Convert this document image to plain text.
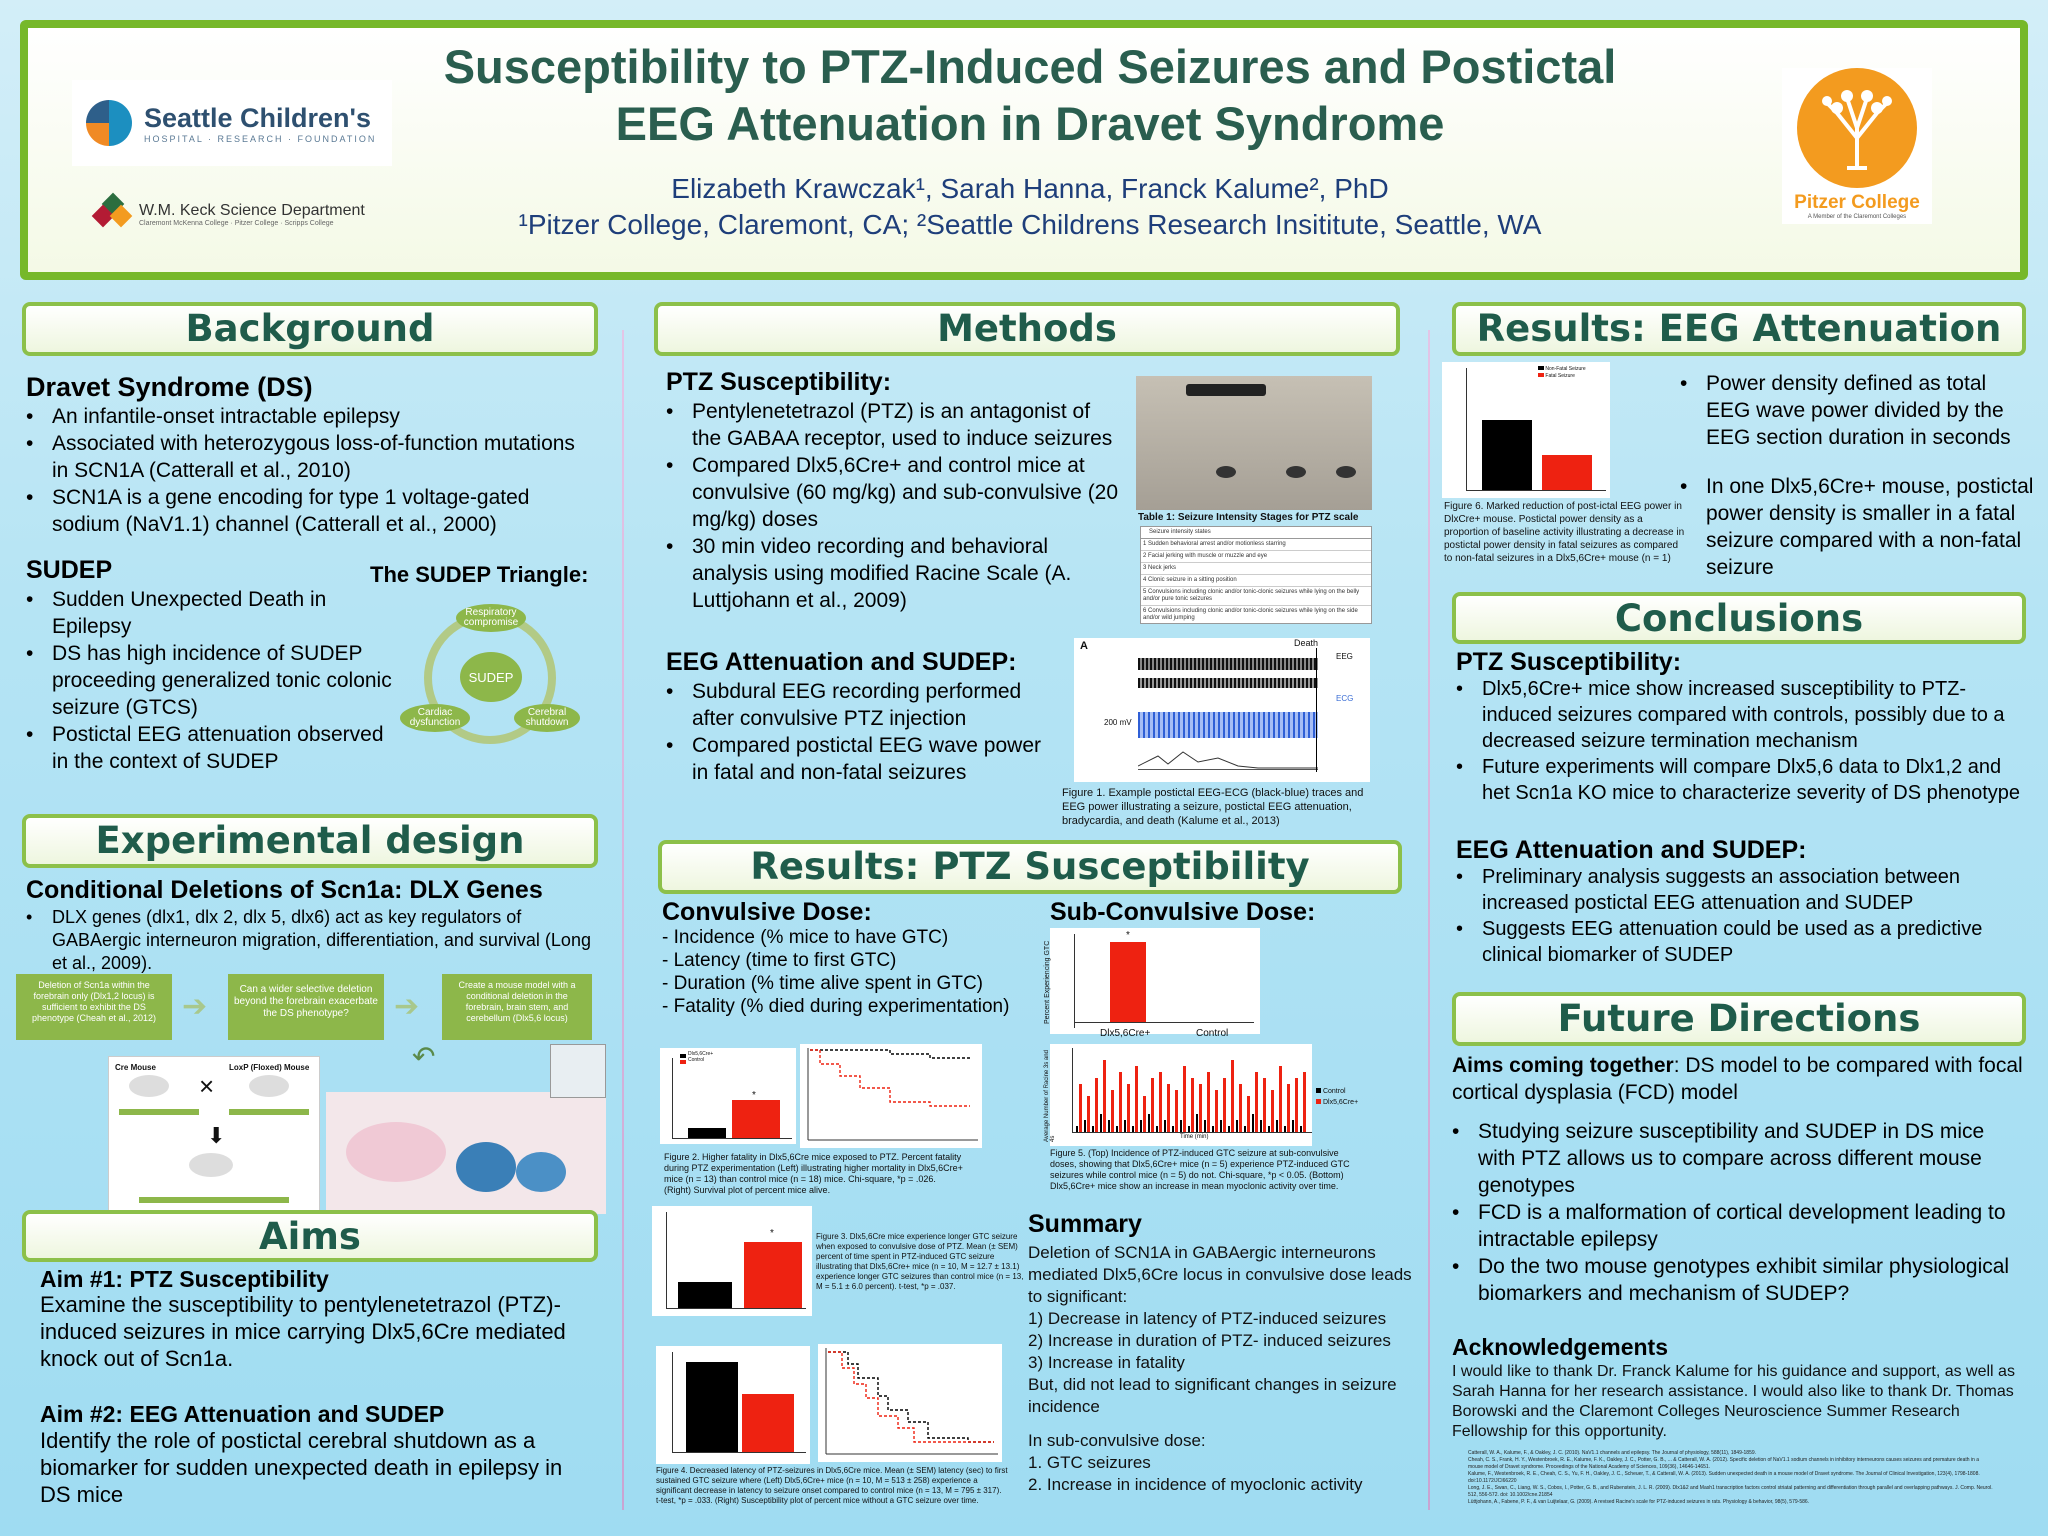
Seattle Children's
HOSPITAL · RESEARCH · FOUNDATION
W.M. Keck Science Department
Claremont McKenna College · Pitzer College · Scripps College
Pitzer College
A Member of the Claremont Colleges
Susceptibility to PTZ-Induced Seizures and Postictal
EEG Attenuation in Dravet Syndrome
Elizabeth Krawczak¹, Sarah Hanna, Franck Kalume², PhD
¹Pitzer College, Claremont, CA; ²Seattle Childrens Research Insititute, Seattle, WA
Background
Dravet Syndrome (DS)
• An infantile-onset intractable epilepsy
• Associated with heterozygous loss-of-function mutations in SCN1A (Catterall et al., 2010)
• SCN1A is a gene encoding for type 1 voltage-gated sodium (NaV1.1) channel (Catterall et al., 2000)
SUDEP	The SUDEP Triangle:
• Sudden Unexpected Death in Epilepsy
• DS has high incidence of SUDEP proceeding generalized tonic colonic seizure (GTCS)
• Postictal EEG attenuation observed in the context of SUDEP
SUDEP
Respiratory compromise
Cardiac dysfunction
Cerebral shutdown
Experimental design
Conditional Deletions of Scn1a: DLX Genes
• DLX genes (dlx1, dlx 2, dlx 5, dlx6) act as key regulators of GABAergic interneuron migration, differentiation, and survival (Long et al., 2009).
Deletion of Scn1a within the forebrain only (Dlx1,2 locus) is sufficient to exhibit the DS phenotype (Cheah et al., 2012) ➔
Can a wider selective deletion beyond the forebrain exacerbate the DS phenotype?	➔
Create a mouse model with a conditional deletion in the forebrain, brain stem, and cerebellum (Dlx5,6 locus)
↶
Cre Mouse	LoxP (Floxed) Mouse
×
⬇
Aims
Aim #1: PTZ Susceptibility
Examine the susceptibility to pentylenetetrazol (PTZ)- induced seizures in mice carrying Dlx5,6Cre mediated knock out of Scn1a.
Aim #2: EEG Attenuation and SUDEP
Identify the role of postictal cerebral shutdown as a biomarker for sudden unexpected death in epilepsy in DS mice
Methods
PTZ Susceptibility:
• Pentylenetetrazol (PTZ) is an antagonist of the GABAA receptor, used to induce seizures
• Compared Dlx5,6Cre+ and control mice at convulsive (60 mg/kg) and sub-convulsive (20 mg/kg) doses
• 30 min video recording and behavioral analysis using modified Racine Scale (A. Luttjohann et al., 2009)
EEG Attenuation and SUDEP:
• Subdural EEG recording performed after convulsive PTZ injection
• Compared postictal EEG wave power in fatal and non-fatal seizures
Table 1: Seizure Intensity Stages for PTZ scale
Seizure intensity states
1 Sudden behavioral arrest and/or motionless starring
2 Facial jerking with muscle or muzzle and eye
3 Neck jerks
4 Clonic seizure in a sitting position
5 Convulsions including clonic and/or tonic-clonic seizures while lying on the belly and/or pure tonic seizures
6 Convulsions including clonic and/or tonic-clonic seizures while lying on the side and/or wild jumping
A	Death
EEG
ECG
200 mV
Figure 1. Example postictal EEG-ECG (black-blue) traces and EEG power illustrating a seizure, postictal EEG attenuation, bradycardia, and death (Kalume et al., 2013)
Results: PTZ Susceptibility
Convulsive Dose:
- Incidence (% mice to have GTC)
- Latency (time to first GTC)
- Duration (% time alive spent in GTC)
- Fatality (% died during experimentation)
Sub-Convulsive Dose:
Dlx5,6Cre+
Control
*
Figure 2. Higher fatality in Dlx5,6Cre mice exposed to PTZ. Percent fatality during PTZ experimentation (Left) illustrating higher mortality in Dlx5,6Cre+ mice (n = 13) than control mice (n = 18) mice. Chi-square, *p = .026. (Right) Survival plot of percent mice alive.
*	Figure 3. Dlx5,6Cre mice experience longer GTC seizure when exposed to convulsive dose of PTZ. Mean (± SEM) percent of time spent in PTZ-induced GTC seizure illustrating that Dlx5,6Cre+ mice (n = 10, M = 12.7 ± 13.1) experience longer GTC seizures than control mice (n = 13, M = 5.1 ± 6.0 percent). t-test, *p = .037.
Figure 4. Decreased latency of PTZ-seizures in Dlx5,6Cre mice. Mean (± SEM) latency (sec) to first sustained GTC seizure where (Left) Dlx5,6Cre+ mice (n = 10, M = 513 ± 258) experience a significant decrease in latency to seizure onset compared to control mice (n = 13, M = 795 ± 317). t-test, *p = .033. (Right) Susceptibility plot of percent mice without a GTC seizure over time.
Percent Experiencing GTC
*
Dlx5,6Cre+	Control
Average Number of Racine 3s and 4s	Time (min)
Control
Dlx5,6Cre+
Figure 5. (Top) Incidence of PTZ-induced GTC seizure at sub-convulsive doses, showing that Dlx5,6Cre+ mice (n = 5) experience PTZ-induced GTC seizures while control mice (n = 5) do not. Chi-square, *p < 0.05. (Bottom) Dlx5,6Cre+ mice show an increase in mean myoclonic activity over time.
Summary
Deletion of SCN1A in GABAergic interneurons mediated Dlx5,6Cre locus in convulsive dose leads to significant:
1) Decrease in latency of PTZ-induced seizures
2) Increase in duration of PTZ- induced seizures
3) Increase in fatality
But, did not lead to significant changes in seizure incidence
In sub-convulsive dose:
1. GTC seizures
2. Increase in incidence of myoclonic activity
Results: EEG Attenuation
Non-Fatal Seizure
Fatal Seizure
Figure 6. Marked reduction of post-ictal EEG power in DlxCre+ mouse. Postictal power density as a proportion of baseline activity illustrating a decrease in postictal power density in fatal seizures as compared to non-fatal seizures in a Dlx5,6Cre+ mouse (n = 1)
• Power density defined as total EEG wave power divided by the EEG section duration in seconds
• In one Dlx5,6Cre+ mouse, postictal power density is smaller in a fatal seizure compared with a non-fatal seizure
Conclusions
PTZ Susceptibility:
• Dlx5,6Cre+ mice show increased susceptibility to PTZ-induced seizures compared with controls, possibly due to a decreased seizure termination mechanism
• Future experiments will compare Dlx5,6 data to Dlx1,2 and het Scn1a KO mice to characterize severity of DS phenotype
EEG Attenuation and SUDEP:
• Preliminary analysis suggests an association between increased postictal EEG attenuation and SUDEP
• Suggests EEG attenuation could be used as a predictive clinical biomarker of SUDEP
Future Directions
Aims coming together: DS model to be compared with focal cortical dysplasia (FCD) model
• Studying seizure susceptibility and SUDEP in DS mice with PTZ allows us to compare across different mouse genotypes
• FCD is a malformation of cortical development leading to intractable epilepsy
• Do the two mouse genotypes exhibit similar physiological biomarkers and mechanism of SUDEP?
Acknowledgements
I would like to thank Dr. Franck Kalume for his guidance and support, as well as Sarah Hanna for her research assistance. I would also like to thank Dr. Thomas Borowski and the Claremont Colleges Neuroscience Summer Research Fellowship for this opportunity.
Catterall, W. A., Kalume, F., & Oakley, J. C. (2010). NaV1.1 channels and epilepsy. The Journal of physiology, 588(11), 1849-1859.
Cheah, C. S., Frank, H. Y., Westenbroek, R. E., Kalume, F. K., Oakley, J. C., Potter, G. B., ... & Catterall, W. A. (2012). Specific deletion of NaV1.1 sodium channels in inhibitory interneurons causes seizures and premature death in a mouse model of Dravet syndrome. Proceedings of the National Academy of Sciences, 109(36), 14646-14651.
Kalume, F., Westenbroek, R. E., Cheah, C. S., Yu, F. H., Oakley, J. C., Scheuer, T., & Catterall, W. A. (2013). Sudden unexpected death in a mouse model of Dravet syndrome. The Journal of Clinical Investigation, 123(4), 1798-1808. doi:10.1172/JCI66220
Long, J. E., Swan, C., Liang, W. S., Cobos, I., Potter, G. B., and Rubenstein, J. L. R. (2009). Dlx1&2 and Mash1 transcription factors control striatal patterning and differentiation through parallel and overlapping pathways. J. Comp. Neurol. 512, 556-572. doi: 10.1002/cne.21854
Lüttjohann, A., Fabene, P. F., & van Luijtelaar, G. (2009). A revised Racine's scale for PTZ-induced seizures in rats. Physiology & behavior, 98(5), 579-586.
